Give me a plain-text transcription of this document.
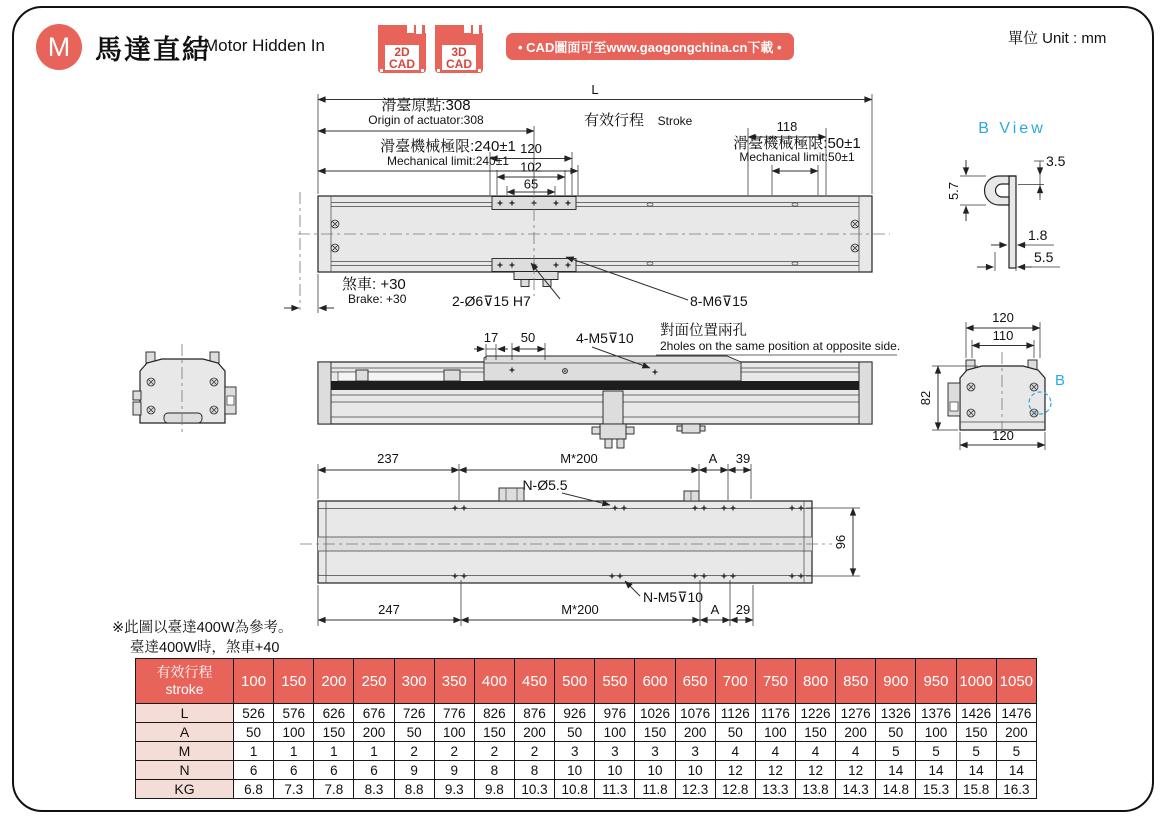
M 馬達直結
Motor Hidden In	2D
CAD
3D
CAD
• CAD圖面可至www.gaogongchina.cn下載 •
單位 Unit : mm
L
滑臺原點:308
Origin of actuator:308	有效行程 Stroke	118
滑臺機械極限:240±1
Mechanical limit:240±1
120
102
65
滑臺機械極限:50±1
Mechanical limit:50±1
煞車: +30
Brake: +30	2-Ø6⊽15 H7	8-M6⊽15
B View
5.7
3.5
1.8
5.5
17 50	4-M5⊽10 對面位置兩孔
2holes on the same position at opposite side.
B
120
110
82
120
237	M*200	A 39
N-Ø5.5
96
N-M5⊽10
247	M*200	A 29
※此圖以臺達400W為參考。
臺達400W時，煞車+40
有效行程
stroke	100	150	200	250	300	350	400	450	500	550	600	650	700	750	800	850	900	950	1000	1050
L	526	576	626	676	726	776	826	876	926	976	1026	1076	1126	1176	1226	1276	1326	1376	1426	1476
A	50	100	150	200	50	100	150	200	50	100	150	200	50	100	150	200	50	100	150	200
M	1	1	1	1	2	2	2	2	3	3	3	3	4	4	4	4	5	5	5	5
N	6	6	6	6	9	9	8	8	10	10	10	10	12	12	12	12	14	14	14	14
KG	6.8	7.3	7.8	8.3	8.8	9.3	9.8	10.3	10.8	11.3	11.8	12.3	12.8	13.3	13.8	14.3	14.8	15.3	15.8	16.3
